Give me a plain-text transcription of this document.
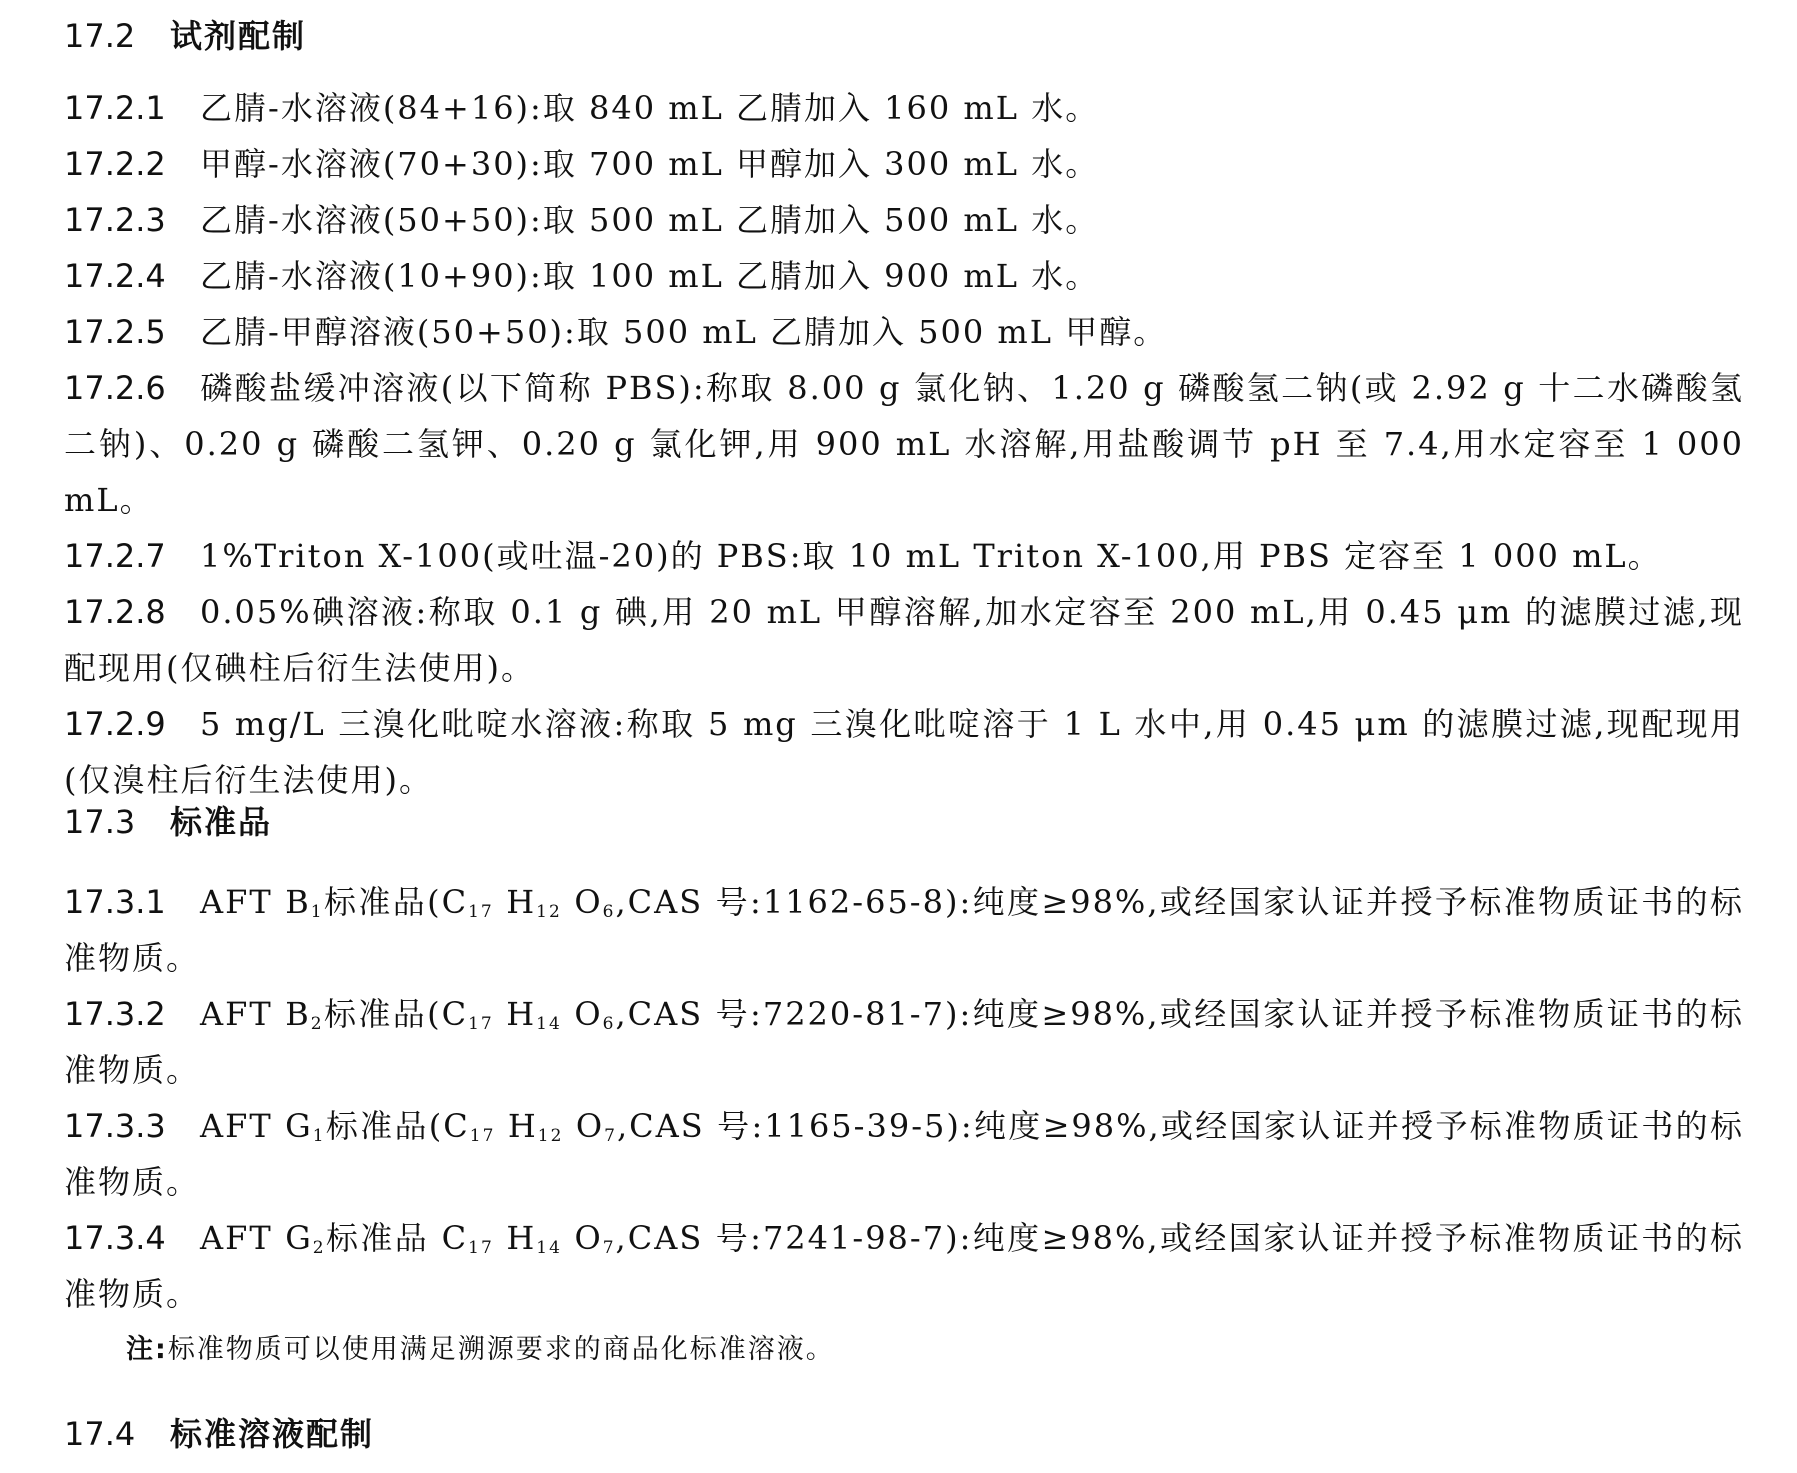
17.2	试剂配制
17.2.1 乙腈-水溶液(84+16):取 840 mL 乙腈加入 160 mL 水。
17.2.2 甲醇-水溶液(70+30):取 700 mL 甲醇加入 300 mL 水。
17.2.3 乙腈-水溶液(50+50):取 500 mL 乙腈加入 500 mL 水。
17.2.4 乙腈-水溶液(10+90):取 100 mL 乙腈加入 900 mL 水。
17.2.5 乙腈-甲醇溶液(50+50):取 500 mL 乙腈加入 500 mL 甲醇。
17.2.6 磷酸盐缓冲溶液(以下简称 PBS):称取 8.00 g 氯化钠、1.20 g 磷酸氢二钠(或 2.92 g 十二水磷酸氢二钠)、0.20 g 磷酸二氢钾、0.20 g 氯化钾,用 900 mL 水溶解,用盐酸调节 pH 至 7.4,用水定容至 1 000 mL。
17.2.7 1%Triton X-100(或吐温-20)的 PBS:取 10 mL Triton X-100,用 PBS 定容至 1 000 mL。
17.2.8 0.05%碘溶液:称取 0.1 g 碘,用 20 mL 甲醇溶解,加水定容至 200 mL,用 0.45 μm 的滤膜过滤,现配现用(仅碘柱后衍生法使用)。
17.2.9 5 mg/L 三溴化吡啶水溶液:称取 5 mg 三溴化吡啶溶于 1 L 水中,用 0.45 μm 的滤膜过滤,现配现用(仅溴柱后衍生法使用)。
17.3	标准品
17.3.1 AFT $B_1$标准品($C_{17}$ $H_{12}$ $O_6,CAS$ 号:1162-65-8):纯度≥98%,或经国家认证并授予标准物质证书的标准物质。
17.3.2 AFT $B_2$标准品($C_{17}$ $H_{14}$ $O_6,CAS$ 号:7220-81-7):纯度≥98%,或经国家认证并授予标准物质证书的标准物质。
17.3.3 AFT $G_1$标准品($C_{17}$ $H_{12}$ $O_7,CAS$ 号:1165-39-5):纯度≥98%,或经国家认证并授予标准物质证书的标准物质。
17.3.4 AFT $G_2$标准品 $C_{17}$ $H_{14}$ $O_7,CAS$ 号:7241-98-7):纯度≥98%,或经国家认证并授予标准物质证书的标准物质。
注:标准物质可以使用满足溯源要求的商品化标准溶液。
17.4	标准溶液配制
